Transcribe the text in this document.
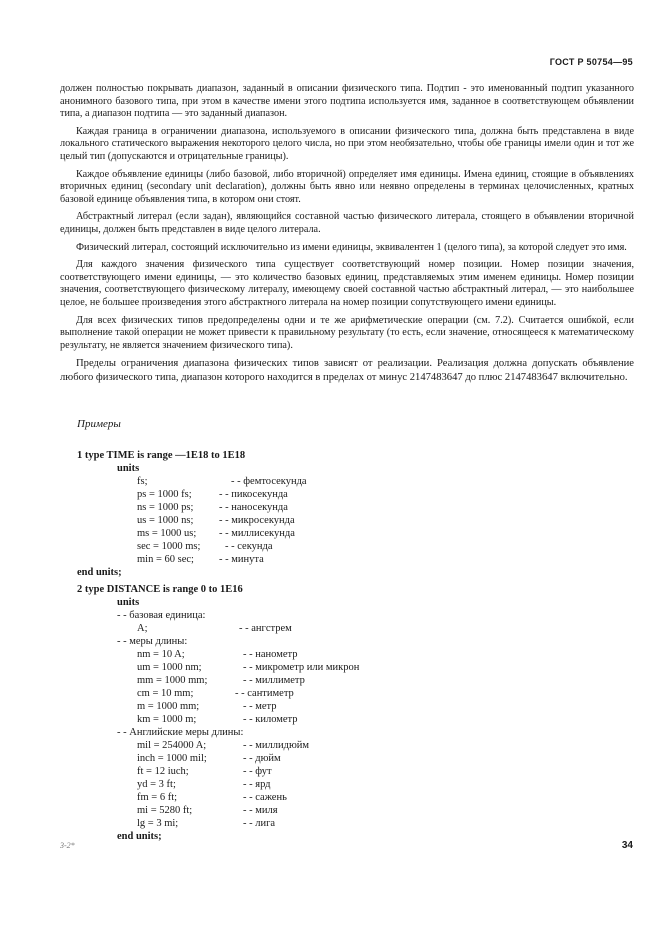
ГОСТ Р 50754—95

должен полностью покрывать диапазон, заданный в описании физического типа. Подтип - это именованный подтип указанного анонимного базового типа, при этом в качестве имени этого подтипа используется имя, заданное в соответствующем объявлении типа, а диапазон подтипа — это заданный диапазон.

Каждая граница в ограничении диапазона, используемого в описании физического типа, должна быть представлена в виде локального статического выражения некоторого целого числа, но при этом необязательно, чтобы обе границы имели один и тот же целый тип (допускаются и отрицательные границы).

Каждое объявление единицы (либо базовой, либо вторичной) определяет имя единицы. Имена единиц, стоящие в объявлениях вторичных единиц (secondary unit declaration), должны быть явно или неявно определены в терминах целочисленных, кратных базовой единице объявления типа, в котором они стоят.

Абстрактный литерал (если задан), являющийся составной частью физического литерала, стоящего в объявлении вторичной единицы, должен быть представлен в виде целого литерала.

Физический литерал, состоящий исключительно из имени единицы, эквивалентен 1 (целого типа), за которой следует это имя.

Для каждого значения физического типа существует соответствующий номер позиции. Номер позиции значения, соответствующего имени единицы, — это количество базовых единиц, представляемых этим именем единицы. Номер позиции значения, соответствующего физическому литералу, имеющему своей составной частью абстрактный литерал, — это наибольшее целое, не большее произведения этого абстрактного литерала на номер позиции сопутствующего имени единицы.

Для всех физических типов предопределены одни и те же арифметические операции (см. 7.2). Считается ошибкой, если выполнение такой операции не может привести к правильному результату (то есть, если значение, относящееся к математическому результату, не является значением физического типа).

Пределы ограничения диапазона физических типов зависят от реализации. Реализация должна допускать объявление любого физического типа, диапазон которого находится в пределах от минус 2147483647 до плюс 2147483647 включительно.

Примеры
1 type TIME is range —1E18 to 1E18
units
fs;	- - фемтосекунда
ps = 1000 fs;	- - пикосекунда
ns = 1000 ps; - - наносекунда
us = 1000 ns; - - микросекунда
ms = 1000 us; - - миллисекунда
sec = 1000 ms; - - секунда
min = 60 sec; - - минута
end units;
2 type DISTANCE is range 0 to 1E16
units
- - базовая единица:
A;	- - ангстрем
- - меры длины:
nm = 10 A;	- - нанометр
um = 1000 nm;	- - микрометр или микрон
mm = 1000 mm;	- - миллиметр
cm = 10 mm;	- - сантиметр
m = 1000 mm;	- - метр
km = 1000 m;	- - километр
- - Английские меры длины:
mil = 254000 A;	- - миллидюйм
inch = 1000 mil;	- - дюйм
ft = 12 iuch;	- - фут
yd = 3 ft;	- - ярд
fm = 6 ft;	- - сажень
mi = 5280 ft;	- - миля
lg = 3 mi;	- - лига
end units;
3-2*	34
